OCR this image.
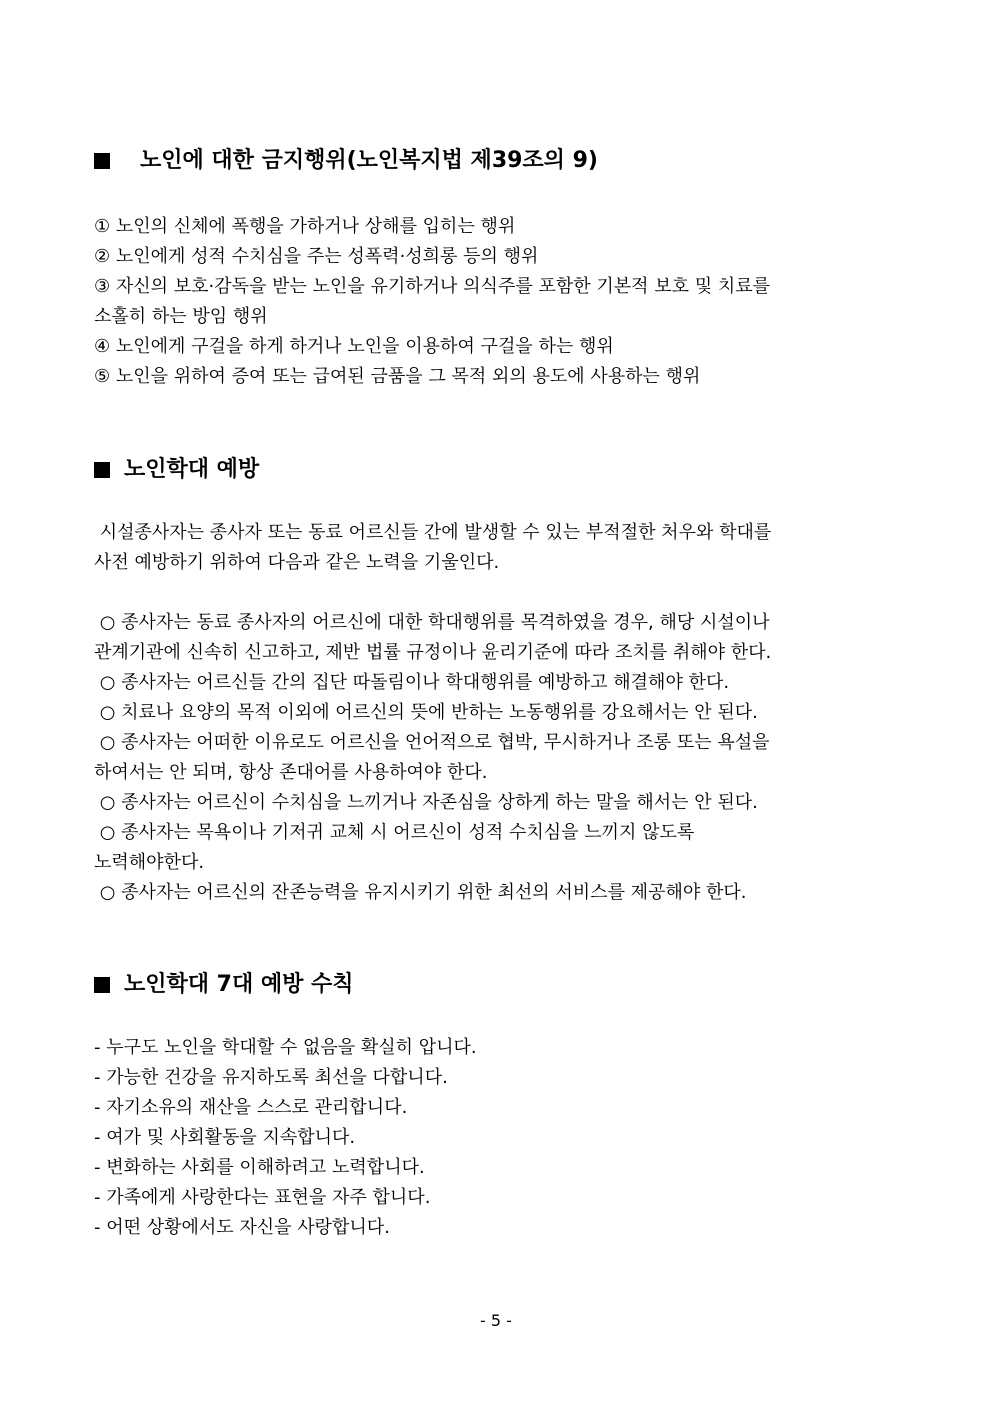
노인에 대한 금지행위(노인복지법 제39조의 9)
① 노인의 신체에 폭행을 가하거나 상해를 입히는 행위
② 노인에게 성적 수치심을 주는 성폭력·성희롱 등의 행위
③ 자신의 보호·감독을 받는 노인을 유기하거나 의식주를 포함한 기본적 보호 및 치료를
소홀히 하는 방임 행위
④ 노인에게 구걸을 하게 하거나 노인을 이용하여 구걸을 하는 행위
⑤ 노인을 위하여 증여 또는 급여된 금품을 그 목적 외의 용도에 사용하는 행위
노인학대 예방
시설종사자는 종사자 또는 동료 어르신들 간에 발생할 수 있는 부적절한 처우와 학대를
사전 예방하기 위하여 다음과 같은 노력을 기울인다.
○ 종사자는 동료 종사자의 어르신에 대한 학대행위를 목격하였을 경우, 해당 시설이나
관계기관에 신속히 신고하고, 제반 법률 규정이나 윤리기준에 따라 조치를 취해야 한다.
○ 종사자는 어르신들 간의 집단 따돌림이나 학대행위를 예방하고 해결해야 한다.
○ 치료나 요양의 목적 이외에 어르신의 뜻에 반하는 노동행위를 강요해서는 안 된다.
○ 종사자는 어떠한 이유로도 어르신을 언어적으로 협박, 무시하거나 조롱 또는 욕설을
하여서는 안 되며, 항상 존대어를 사용하여야 한다.
○ 종사자는 어르신이 수치심을 느끼거나 자존심을 상하게 하는 말을 해서는 안 된다.
○ 종사자는 목욕이나 기저귀 교체 시 어르신이 성적 수치심을 느끼지 않도록
노력해야한다.
○ 종사자는 어르신의 잔존능력을 유지시키기 위한 최선의 서비스를 제공해야 한다.
노인학대 7대 예방 수칙
- 누구도 노인을 학대할 수 없음을 확실히 압니다.
- 가능한 건강을 유지하도록 최선을 다합니다.
- 자기소유의 재산을 스스로 관리합니다.
- 여가 및 사회활동을 지속합니다.
- 변화하는 사회를 이해하려고 노력합니다.
- 가족에게 사랑한다는 표현을 자주 합니다.
- 어떤 상황에서도 자신을 사랑합니다.
- 5 -
